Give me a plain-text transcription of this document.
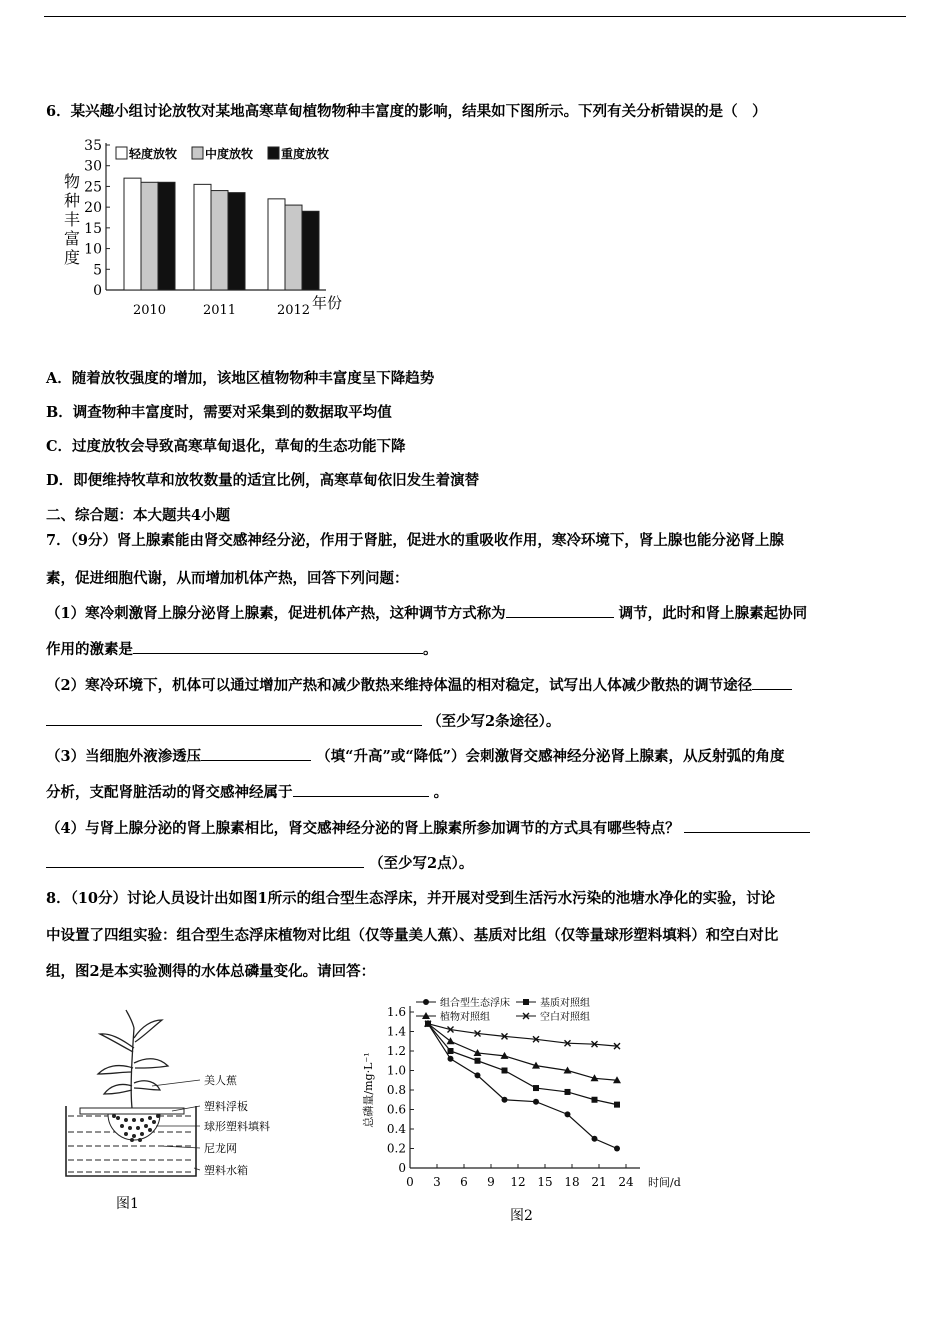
6．某兴趣小组讨论放牧对某地高寒草甸植物物种丰富度的影响，结果如下图所示。下列有关分析错误的是（　）
0
5
10
15
20
25
30
35
物
种
丰
富
度
2010	2011	2012 年份
轻度放牧 中度放牧 重度放牧
A．随着放牧强度的增加，该地区植物物种丰富度呈下降趋势
B．调查物种丰富度时，需要对采集到的数据取平均值
C．过度放牧会导致高寒草甸退化，草甸的生态功能下降
D．即便维持牧草和放牧数量的适宜比例，高寒草甸依旧发生着演替
二、综合题：本大题共4小题
7．（9分）肾上腺素能由肾交感神经分泌，作用于肾脏，促进水的重吸收作用，寒冷环境下，肾上腺也能分泌肾上腺
素，促进细胞代谢，从而增加机体产热，回答下列问题：
（1）寒冷刺激肾上腺分泌肾上腺素，促进机体产热，这种调节方式称为	调节，此时和肾上腺素起协同
作用的激素是	。
（2）寒冷环境下，机体可以通过增加产热和减少散热来维持体温的相对稳定，试写出人体减少散热的调节途径
（至少写2条途径）。
（3）当细胞外液渗透压	（填“升高”或“降低”）会刺激肾交感神经分泌肾上腺素，从反射弧的角度
分析，支配肾脏活动的肾交感神经属于	。
（4）与肾上腺分泌的肾上腺素相比，肾交感神经分泌的肾上腺素所参加调节的方式具有哪些特点？
（至少写2点）。
8．（10分）讨论人员设计出如图1所示的组合型生态浮床，并开展对受到生活污水污染的池塘水净化的实验，讨论
中设置了四组实验：组合型生态浮床植物对比组（仅等量美人蕉）、基质对比组（仅等量球形塑料填料）和空白对比
组，图2是本实验测得的水体总磷量变化。请回答：
美人蕉
塑料浮板
球形塑料填料
尼龙网
塑料水箱
图1
0
0.2
0.4
0.6
0.8
1.0
1.2
1.4
1.6
0 3 6 9 12 15 18 21 24 时间/d
总磷量/mg·L⁻¹
组合型生态浮床	基质对照组
植物对照组	空白对照组
图2
